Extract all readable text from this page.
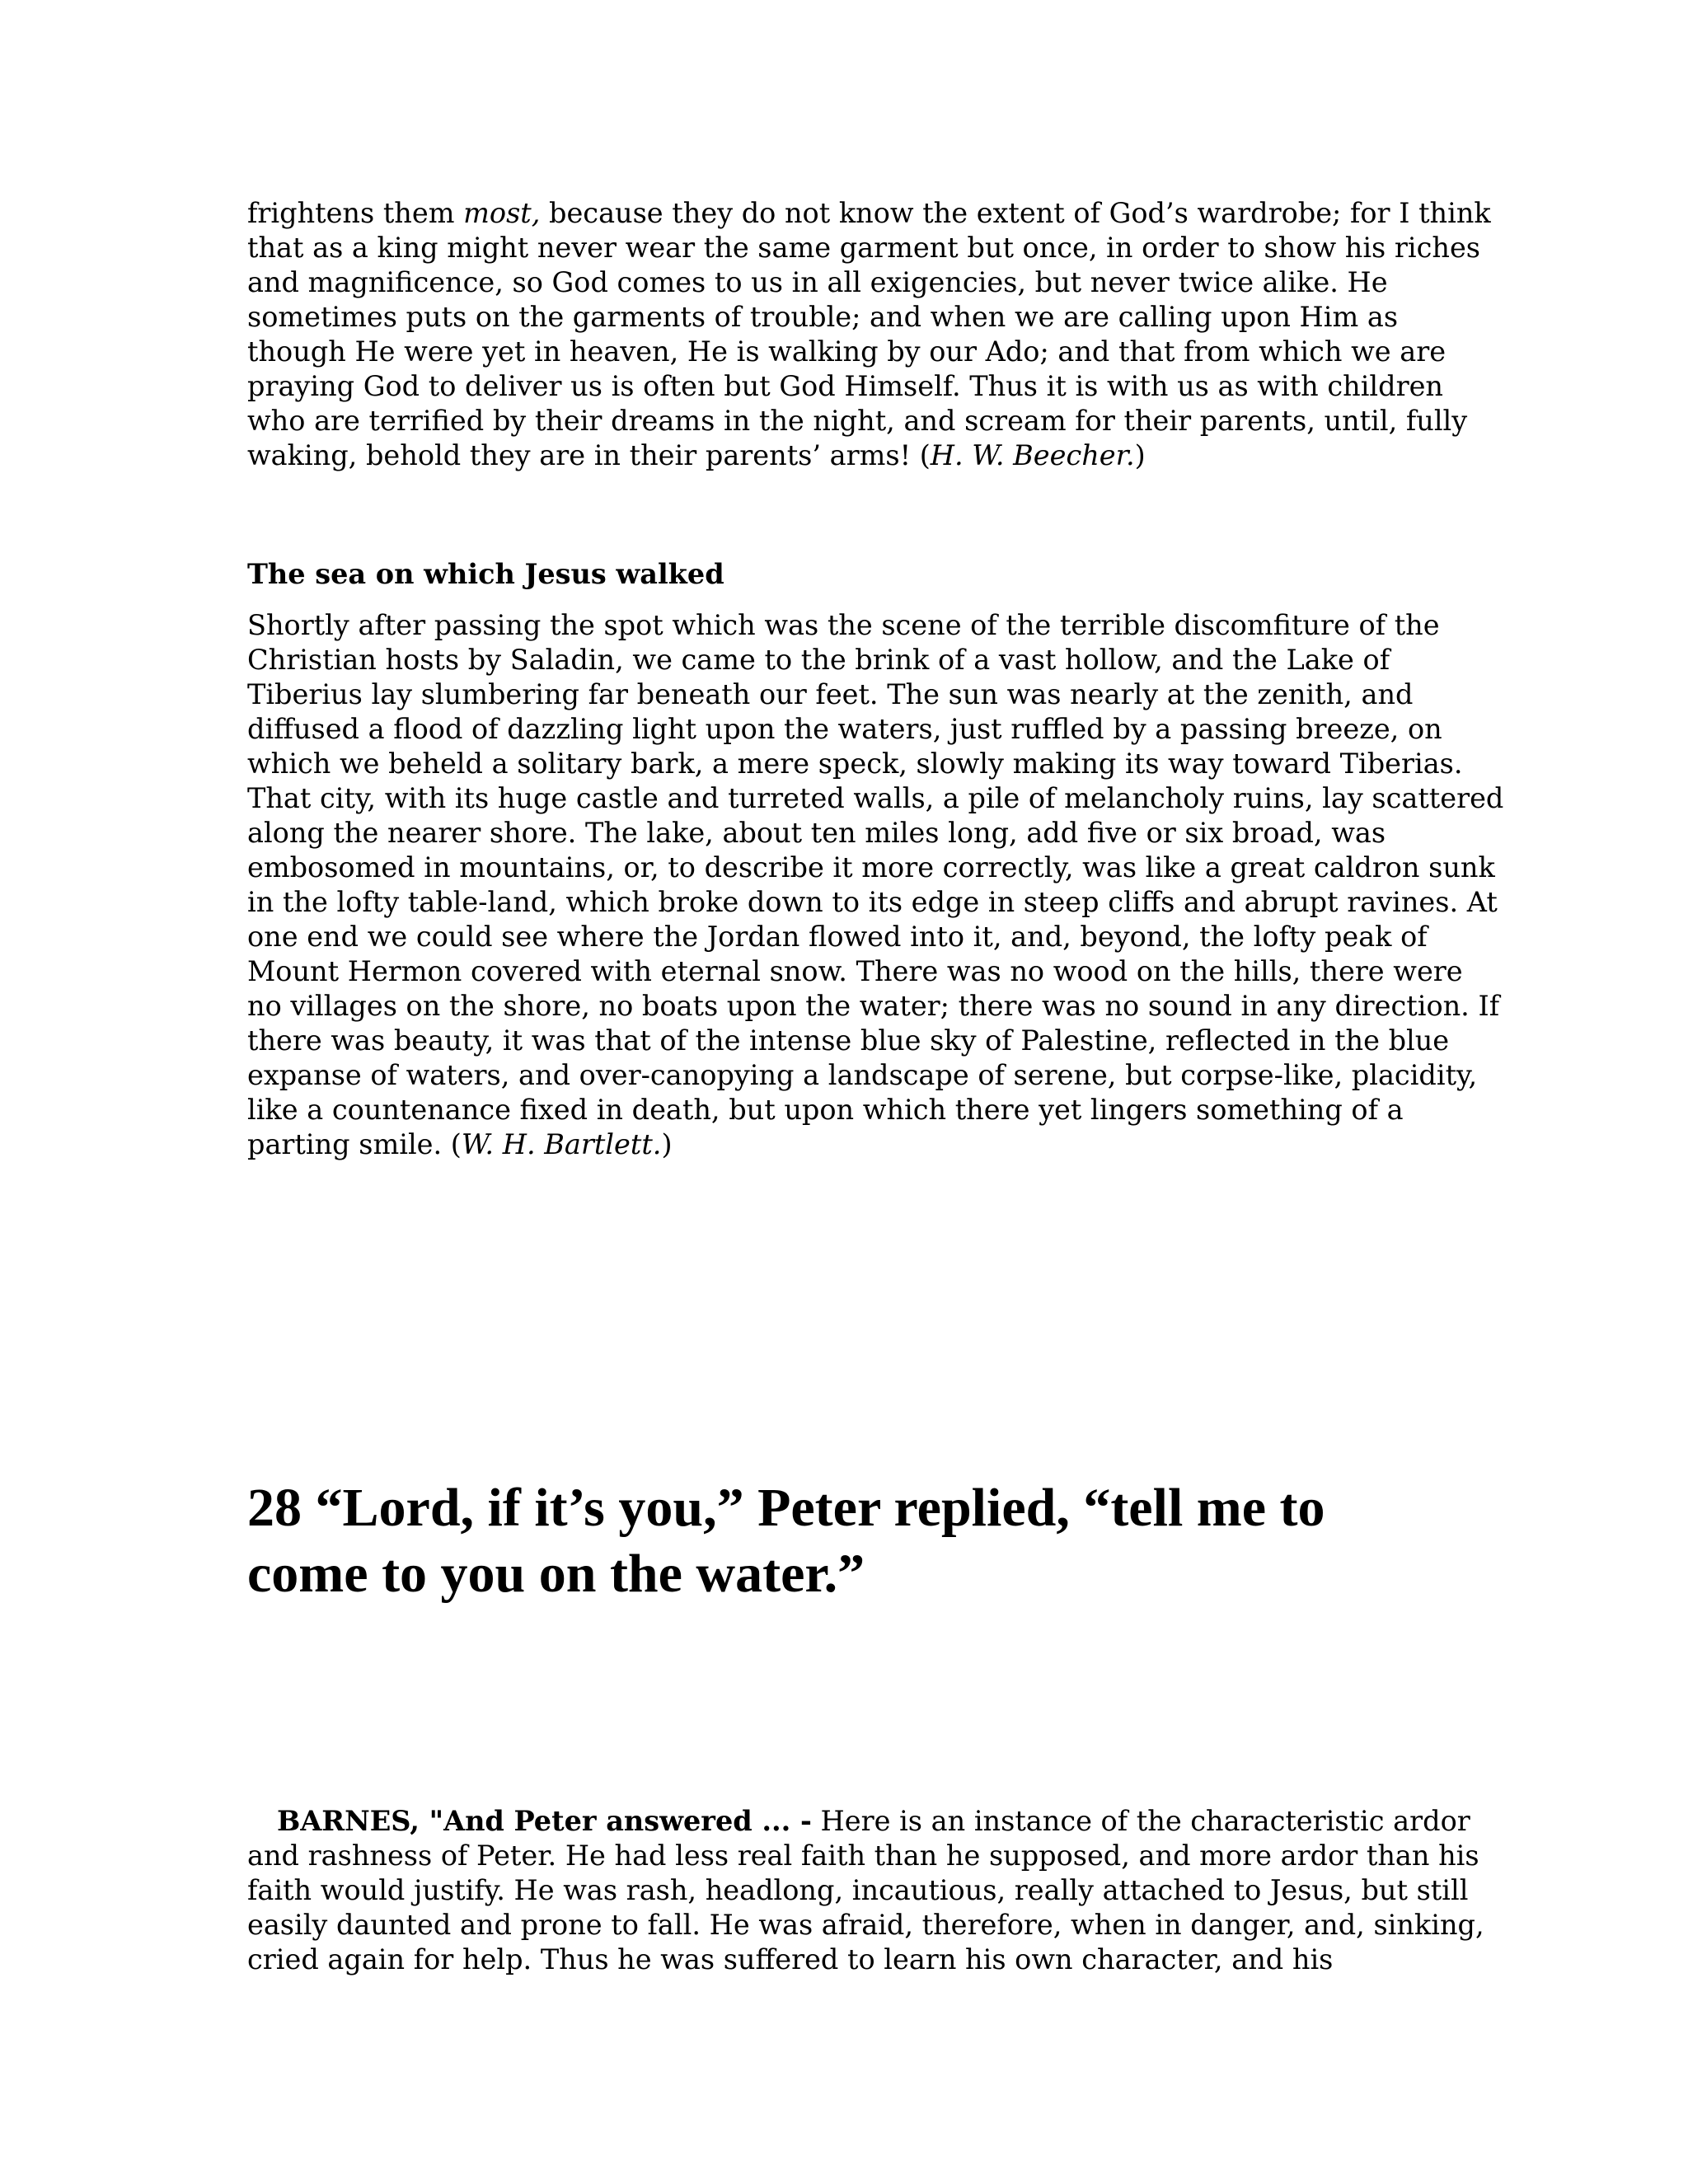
frightens them most, because they do not know the extent of God’s wardrobe; for I think
that as a king might never wear the same garment but once, in order to show his riches
and magnificence, so God comes to us in all exigencies, but never twice alike. He
sometimes puts on the garments of trouble; and when we are calling upon Him as
though He were yet in heaven, He is walking by our Ado; and that from which we are
praying God to deliver us is often but God Himself. Thus it is with us as with children
who are terrified by their dreams in the night, and scream for their parents, until, fully
waking, behold they are in their parents’ arms! (H. W. Beecher.)

The sea on which Jesus walked

Shortly after passing the spot which was the scene of the terrible discomfiture of the
Christian hosts by Saladin, we came to the brink of a vast hollow, and the Lake of
Tiberius lay slumbering far beneath our feet. The sun was nearly at the zenith, and
diffused a flood of dazzling light upon the waters, just ruffled by a passing breeze, on
which we beheld a solitary bark, a mere speck, slowly making its way toward Tiberias.
That city, with its huge castle and turreted walls, a pile of melancholy ruins, lay scattered
along the nearer shore. The lake, about ten miles long, add five or six broad, was
embosomed in mountains, or, to describe it more correctly, was like a great caldron sunk
in the lofty table-land, which broke down to its edge in steep cliffs and abrupt ravines. At
one end we could see where the Jordan flowed into it, and, beyond, the lofty peak of
Mount Hermon covered with eternal snow. There was no wood on the hills, there were
no villages on the shore, no boats upon the water; there was no sound in any direction. If
there was beauty, it was that of the intense blue sky of Palestine, reflected in the blue
expanse of waters, and over-canopying a landscape of serene, but corpse-like, placidity,
like a countenance fixed in death, but upon which there yet lingers something of a
parting smile. (W. H. Bartlett.)

28 “Lord, if it’s you,” Peter replied, “tell me to
come to you on the water.”

BARNES, "And Peter answered ... - Here is an instance of the characteristic ardor
and rashness of Peter. He had less real faith than he supposed, and more ardor than his
faith would justify. He was rash, headlong, incautious, really attached to Jesus, but still
easily daunted and prone to fall. He was afraid, therefore, when in danger, and, sinking,
cried again for help. Thus he was suffered to learn his own character, and his
